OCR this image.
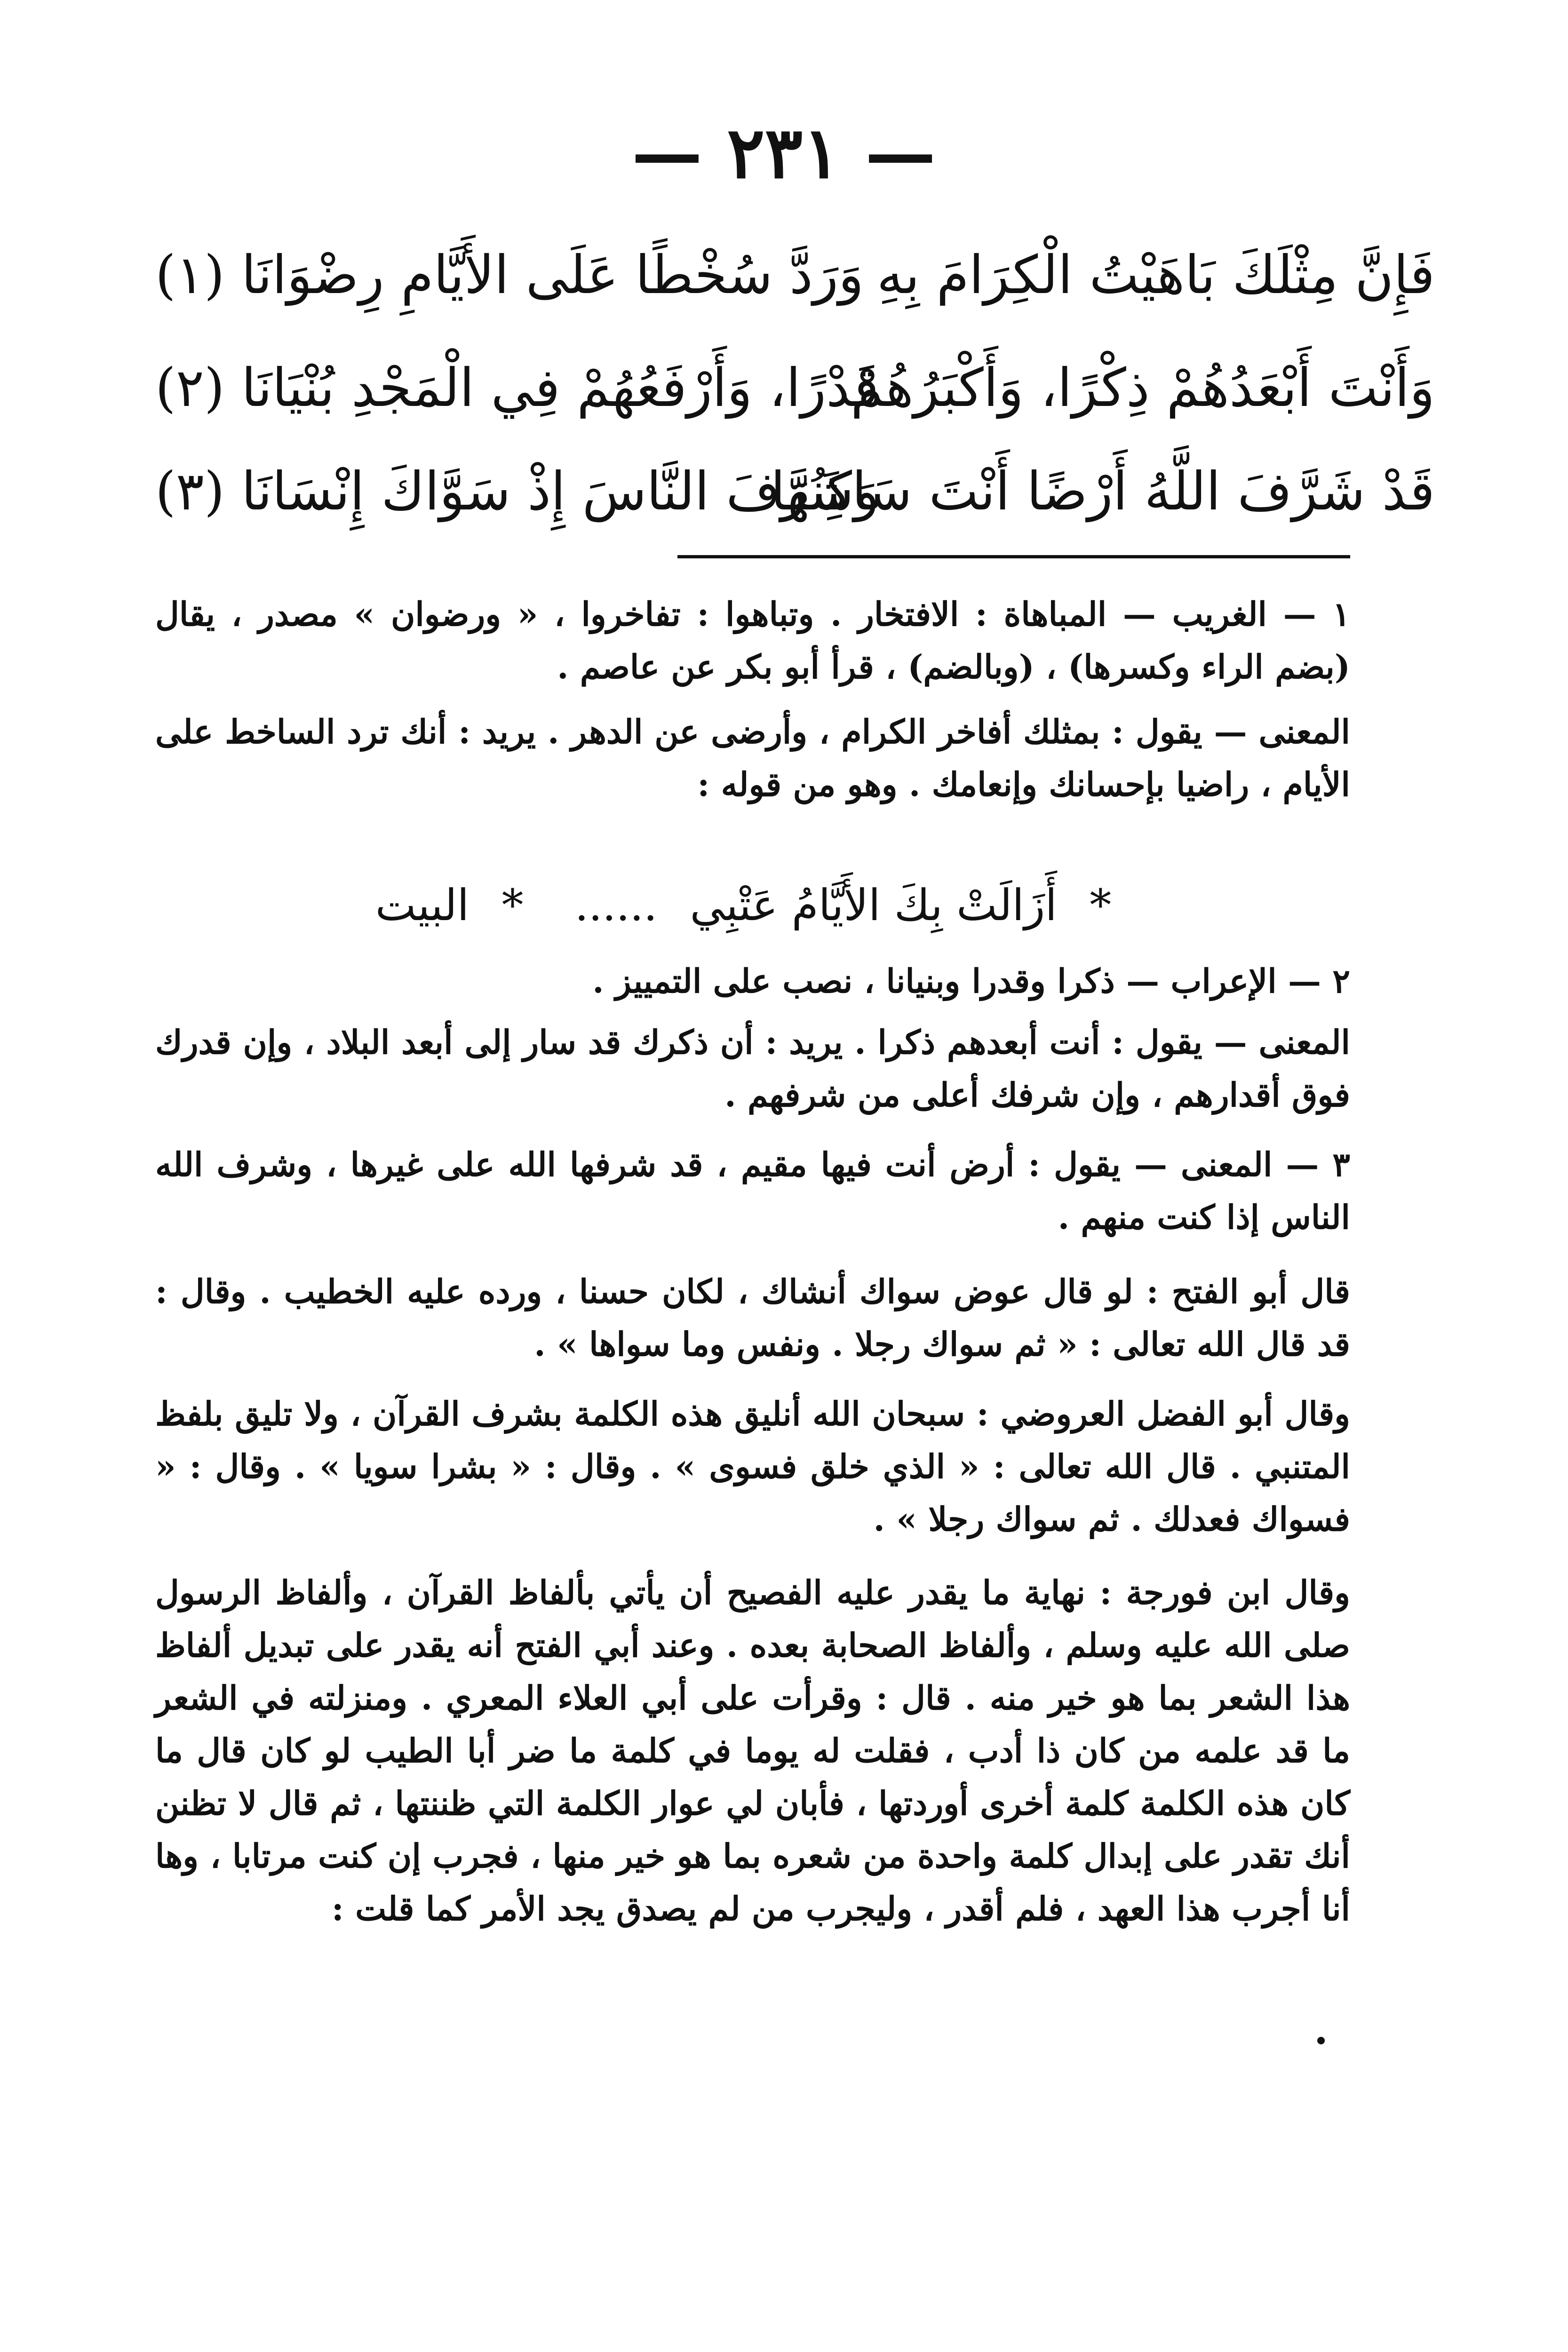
— ٢٣١ —
فَإِنَّ مِثْلَكَ بَاهَيْتُ الْكِرَامَ بِهِ
وَرَدَّ سُخْطًا عَلَى الأَيَّامِ رِضْوَانَا (١)
وَأَنْتَ أَبْعَدُهُمْ ذِكْرًا، وَأَكْبَرُهُمْ
قَدْرًا، وَأَرْفَعُهُمْ فِي الْمَجْدِ بُنْيَانَا (٢)
قَدْ شَرَّفَ اللَّهُ أَرْضًا أَنْتَ سَاكِنُهَا
وَشَرَّفَ النَّاسَ إِذْ سَوَّاكَ إِنْسَانَا (٣)
١ — الغريب — المباهاة : الافتخار . وتباهوا : تفاخروا ، « ورضوان » مصدر ، يقال (بضم الراء وكسرها) ، (وبالضم) ، قرأ أبو بكر عن عاصم .
المعنى — يقول : بمثلك أفاخر الكرام ، وأرضى عن الدهر . يريد : أنك ترد الساخط على الأيام ، راضيا بإحسانك وإنعامك . وهو من قوله :
* أَزَالَتْ بِكَ الأَيَّامُ عَتْبِي ...... * البيت
٢ — الإعراب — ذكرا وقدرا وبنيانا ، نصب على التمييز .
المعنى — يقول : أنت أبعدهم ذكرا . يريد : أن ذكرك قد سار إلى أبعد البلاد ، وإن قدرك فوق أقدارهم ، وإن شرفك أعلى من شرفهم .
٣ — المعنى — يقول : أرض أنت فيها مقيم ، قد شرفها الله على غيرها ، وشرف الله الناس إذا كنت منهم .
قال أبو الفتح : لو قال عوض سواك أنشاك ، لكان حسنا ، ورده عليه الخطيب . وقال : قد قال الله تعالى : « ثم سواك رجلا . ونفس وما سواها » .
وقال أبو الفضل العروضي : سبحان الله أنليق هذه الكلمة بشرف القرآن ، ولا تليق بلفظ المتنبي . قال الله تعالى : « الذي خلق فسوى » . وقال : « بشرا سويا » . وقال : « فسواك فعدلك . ثم سواك رجلا » .
وقال ابن فورجة : نهاية ما يقدر عليه الفصيح أن يأتي بألفاظ القرآن ، وألفاظ الرسول صلى الله عليه وسلم ، وألفاظ الصحابة بعده . وعند أبي الفتح أنه يقدر على تبديل ألفاظ هذا الشعر بما هو خير منه . قال : وقرأت على أبي العلاء المعري . ومنزلته في الشعر ما قد علمه من كان ذا أدب ، فقلت له يوما في كلمة ما ضر أبا الطيب لو كان قال ما كان هذه الكلمة كلمة أخرى أوردتها ، فأبان لي عوار الكلمة التي ظننتها ، ثم قال لا تظنن أنك تقدر على إبدال كلمة واحدة من شعره بما هو خير منها ، فجرب إن كنت مرتابا ، وها أنا أجرب هذا العهد ، فلم أقدر ، وليجرب من لم يصدق يجد الأمر كما قلت :
